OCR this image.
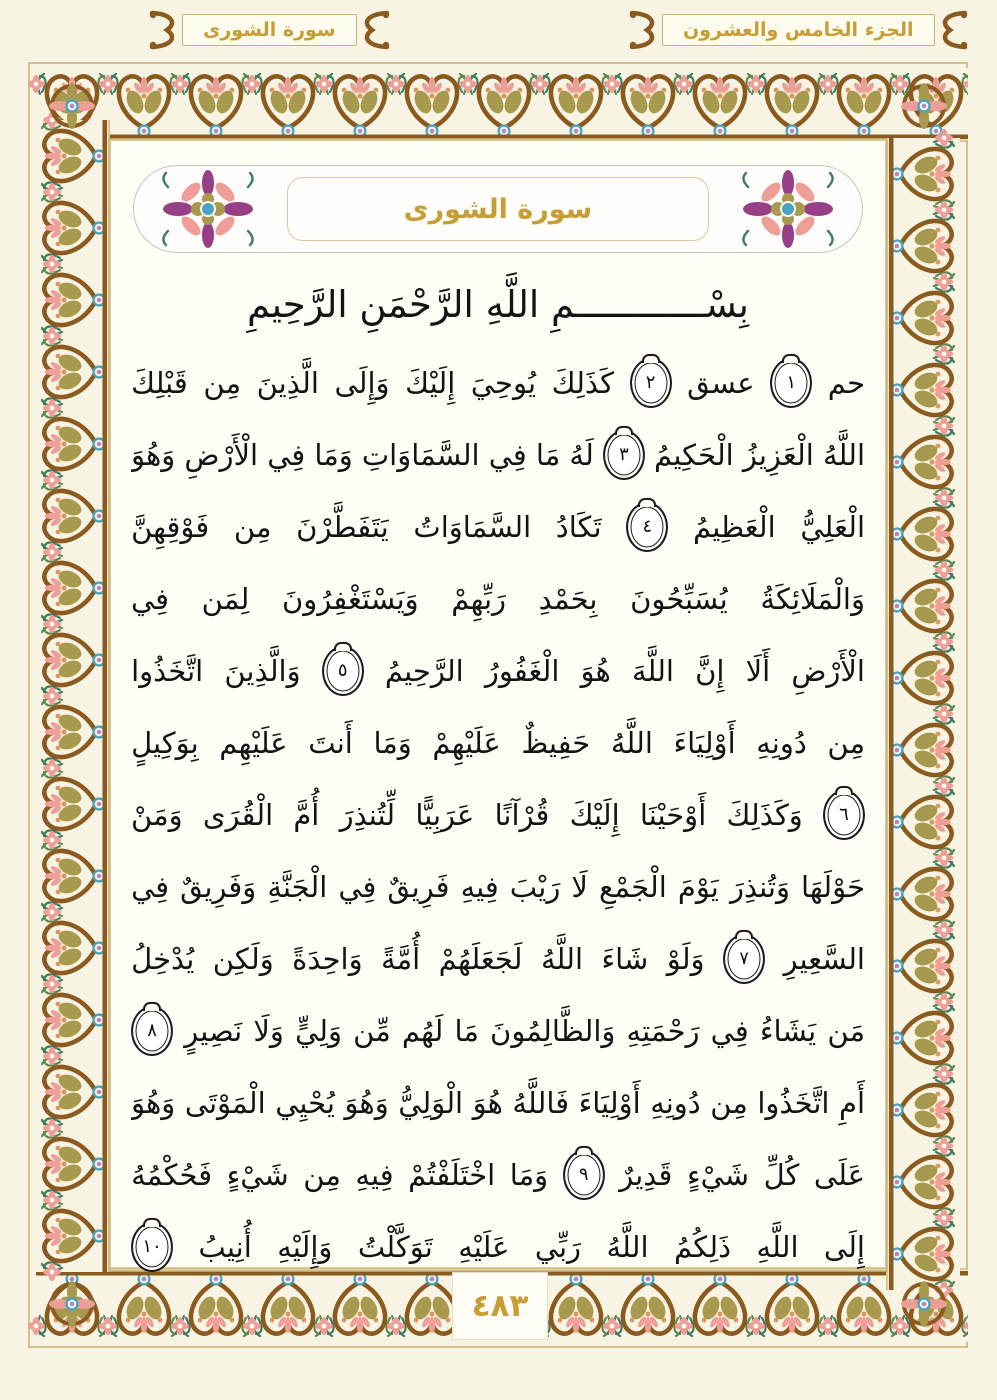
سورة الشورى	الجزء الخامس والعشرون
سورة الشورى
بِسْــــــــــــمِ اللَّهِ الرَّحْمَنِ الرَّحِيمِ
حم
١
عسق
٢
كَذَلِكَ
يُوحِيَ
إِلَيْكَ
وَإِلَى
الَّذِينَ
مِن
قَبْلِكَ
اللَّهُ
الْعَزِيزُ
الْحَكِيمُ
٣
لَهُ
مَا
فِي
السَّمَاوَاتِ
وَمَا
فِي
الْأَرْضِ
وَهُوَ
الْعَلِيُّ
الْعَظِيمُ
٤
تَكَادُ
السَّمَاوَاتُ
يَتَفَطَّرْنَ
مِن
فَوْقِهِنَّ
وَالْمَلَائِكَةُ
يُسَبِّحُونَ
بِحَمْدِ
رَبِّهِمْ
وَيَسْتَغْفِرُونَ
لِمَن
فِي
الْأَرْضِ
أَلَا
إِنَّ
اللَّهَ
هُوَ
الْغَفُورُ
الرَّحِيمُ
٥
وَالَّذِينَ
اتَّخَذُوا
مِن
دُونِهِ
أَوْلِيَاءَ
اللَّهُ
حَفِيظٌ
عَلَيْهِمْ
وَمَا
أَنتَ
عَلَيْهِم
بِوَكِيلٍ
٦
وَكَذَلِكَ
أَوْحَيْنَا
إِلَيْكَ
قُرْآنًا
عَرَبِيًّا
لِّتُنذِرَ
أُمَّ
الْقُرَى
وَمَنْ
حَوْلَهَا
وَتُنذِرَ
يَوْمَ
الْجَمْعِ
لَا
رَيْبَ
فِيهِ
فَرِيقٌ
فِي
الْجَنَّةِ
وَفَرِيقٌ
فِي
السَّعِيرِ
٧
وَلَوْ
شَاءَ
اللَّهُ
لَجَعَلَهُمْ
أُمَّةً
وَاحِدَةً
وَلَكِن
يُدْخِلُ
مَن
يَشَاءُ
فِي
رَحْمَتِهِ
وَالظَّالِمُونَ
مَا
لَهُم
مِّن
وَلِيٍّ
وَلَا
نَصِيرٍ
٨
أَمِ
اتَّخَذُوا
مِن
دُونِهِ
أَوْلِيَاءَ
فَاللَّهُ
هُوَ
الْوَلِيُّ
وَهُوَ
يُحْيِي
الْمَوْتَى
وَهُوَ
عَلَى
كُلِّ
شَيْءٍ
قَدِيرٌ
٩
وَمَا
اخْتَلَفْتُمْ
فِيهِ
مِن
شَيْءٍ
فَحُكْمُهُ
إِلَى
اللَّهِ
ذَلِكُمُ
اللَّهُ
رَبِّي
عَلَيْهِ
تَوَكَّلْتُ
وَإِلَيْهِ
أُنِيبُ
١٠
٤٨٣
